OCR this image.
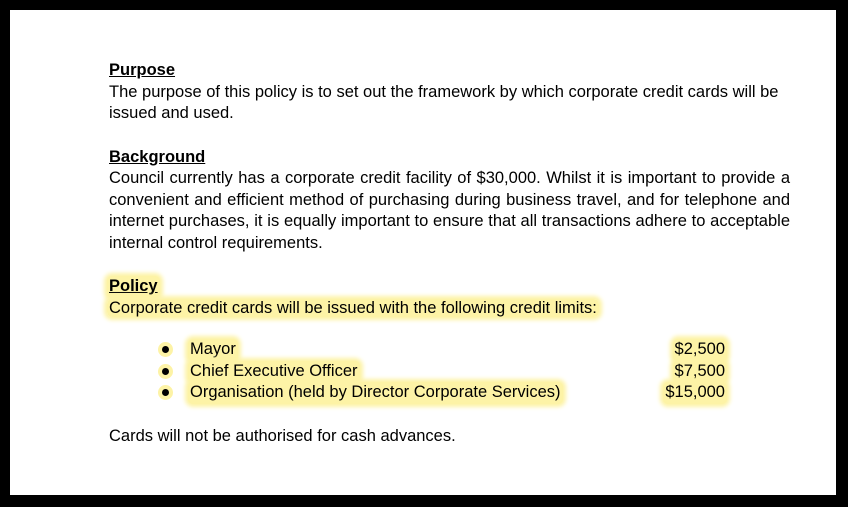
Purpose

The purpose of this policy is to set out the framework by which corporate credit cards will be issued and used.

Background

Council currently has a corporate credit facility of $30,000. Whilst it is important to provide a convenient and efficient method of purchasing during business travel, and for telephone and internet purchases, it is equally important to ensure that all transactions adhere to acceptable internal control requirements.

Policy

Corporate credit cards will be issued with the following credit limits:

Mayor	$2,500
Chief Executive Officer	$7,500
Organisation (held by Director Corporate Services)	$15,000

Cards will not be authorised for cash advances.
